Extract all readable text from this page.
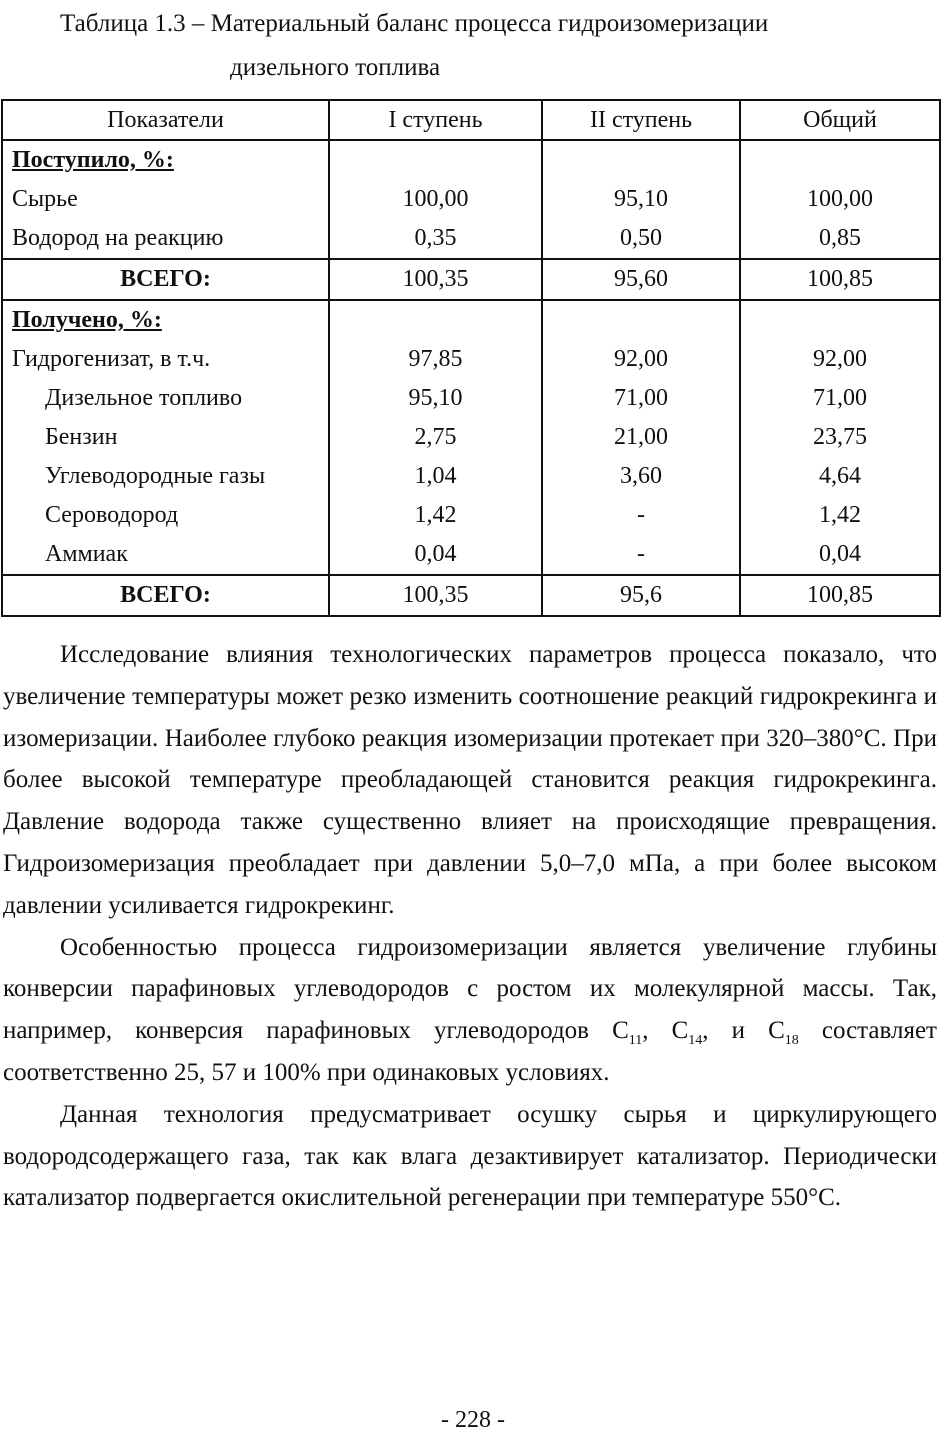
Таблица 1.3 – Материальный баланс процесса гидроизомеризации
дизельного топлива
Показатели	I ступень	II ступень	Общий
Поступило, %:			
Сырье	100,00	95,10	100,00
Водород на реакцию	0,35	0,50	0,85
ВСЕГО:	100,35	95,60	100,85
Получено, %:			
Гидрогенизат, в т.ч.	97,85	92,00	92,00
Дизельное топливо	95,10	71,00	71,00
Бензин	2,75	21,00	23,75
Углеводородные газы	1,04	3,60	4,64
Сероводород	1,42	-	1,42
Аммиак	0,04	-	0,04
ВСЕГО:	100,35	95,6	100,85

Исследование влияния технологических параметров процесса показало, что увеличение температуры может резко изменить соотношение реакций гидрокрекинга и изомеризации. Наиболее глубоко реакция изомеризации протекает при 320–380°С. При более высокой температуре преобладающей становится реакция гидрокрекинга. Давление водорода также существенно влияет на происходящие превращения. Гидроизомеризация преобладает при давлении 5,0–7,0 мПа, а при более высоком давлении усиливается гидрокрекинг.

Особенностью процесса гидроизомеризации является увеличение глубины конверсии парафиновых углеводородов с ростом их молекулярной массы. Так, например, конверсия парафиновых углеводородов $С_{11}$, $С_{14}$, и $С_{18}$ составляет соответственно 25, 57 и 100% при одинаковых условиях.

Данная технология предусматривает осушку сырья и циркулирующего водородсодержащего газа, так как влага дезактивирует катализатор. Периодически катализатор подвергается окислительной регенерации при температуре 550°С.

- 228 -
